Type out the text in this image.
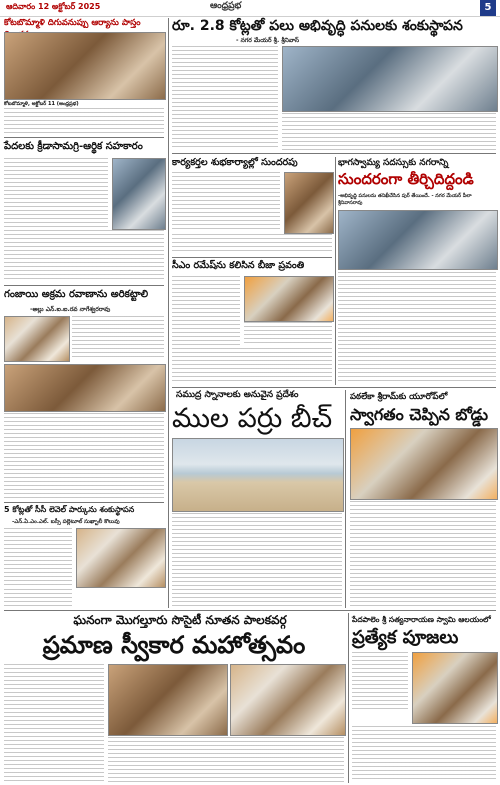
ఆదివారం 12 అక్టోబర్ 2025	ఆంధ్రప్రభ	5
కోటబొమ్మాళి దిగువనుప్పు ఆర్యాను పాస్తం
కోటబొమ్మాళి, అక్టోబర్ 11 (ఆంధ్రప్రభ)
పేదలకు క్రీడాసామగ్రి-ఆర్థిక సహకారం
గంజాయి అక్రమ రవాణాను అరికట్టాలి
-అల్లు ఎన్.ఐ.ఐ.రవ నాగేశ్వరరావు
5 కోట్లతో సీసీ లెవెల్ పార్కును శంకుస్థాపన
-ఎన్.ఏ.ఎం.ఎల్. బస్సీ పల్లెటూల్ సుఖ్బాలీ కొలువు
రూ. 2.8 కోట్లతో పలు అభివృద్ధి పనులకు శంకుస్థాపన
- నగర మేయర్ శ్రీ. శ్రీనివాస్
కార్యకర్తల శుభకార్యాల్లో సుందరపు
సీఎం రమేష్‌ను కలిసిన బీజా ప్రవంతి
భాగస్వామ్య సదస్సుకు నగరాన్ని
సుందరంగా తీర్చిదిద్దండి
-అభివృద్ధి పనులను తనిఖీచేసిన పుర్ తేయిందే. - నగర మేయర్ పీలా శ్రీనివాసరావు
సముద్ర స్నానాలకు అనువైన ప్రదేశం
ముల పర్రు బీచ్
పఠలేకా శ్రీరామ్‌కు యూరోప్‌లో
స్వాగతం చెప్పిన బోడ్డు
ఘనంగా మొగల్తూరు సొసైటీ నూతన పాలకవర్గ
ప్రమాణ స్వీకార మహోత్సవం
పేదపాలెం శ్రీ సత్యనారాయణ స్వామి ఆలయంలో
ప్రత్యేక పూజలు
